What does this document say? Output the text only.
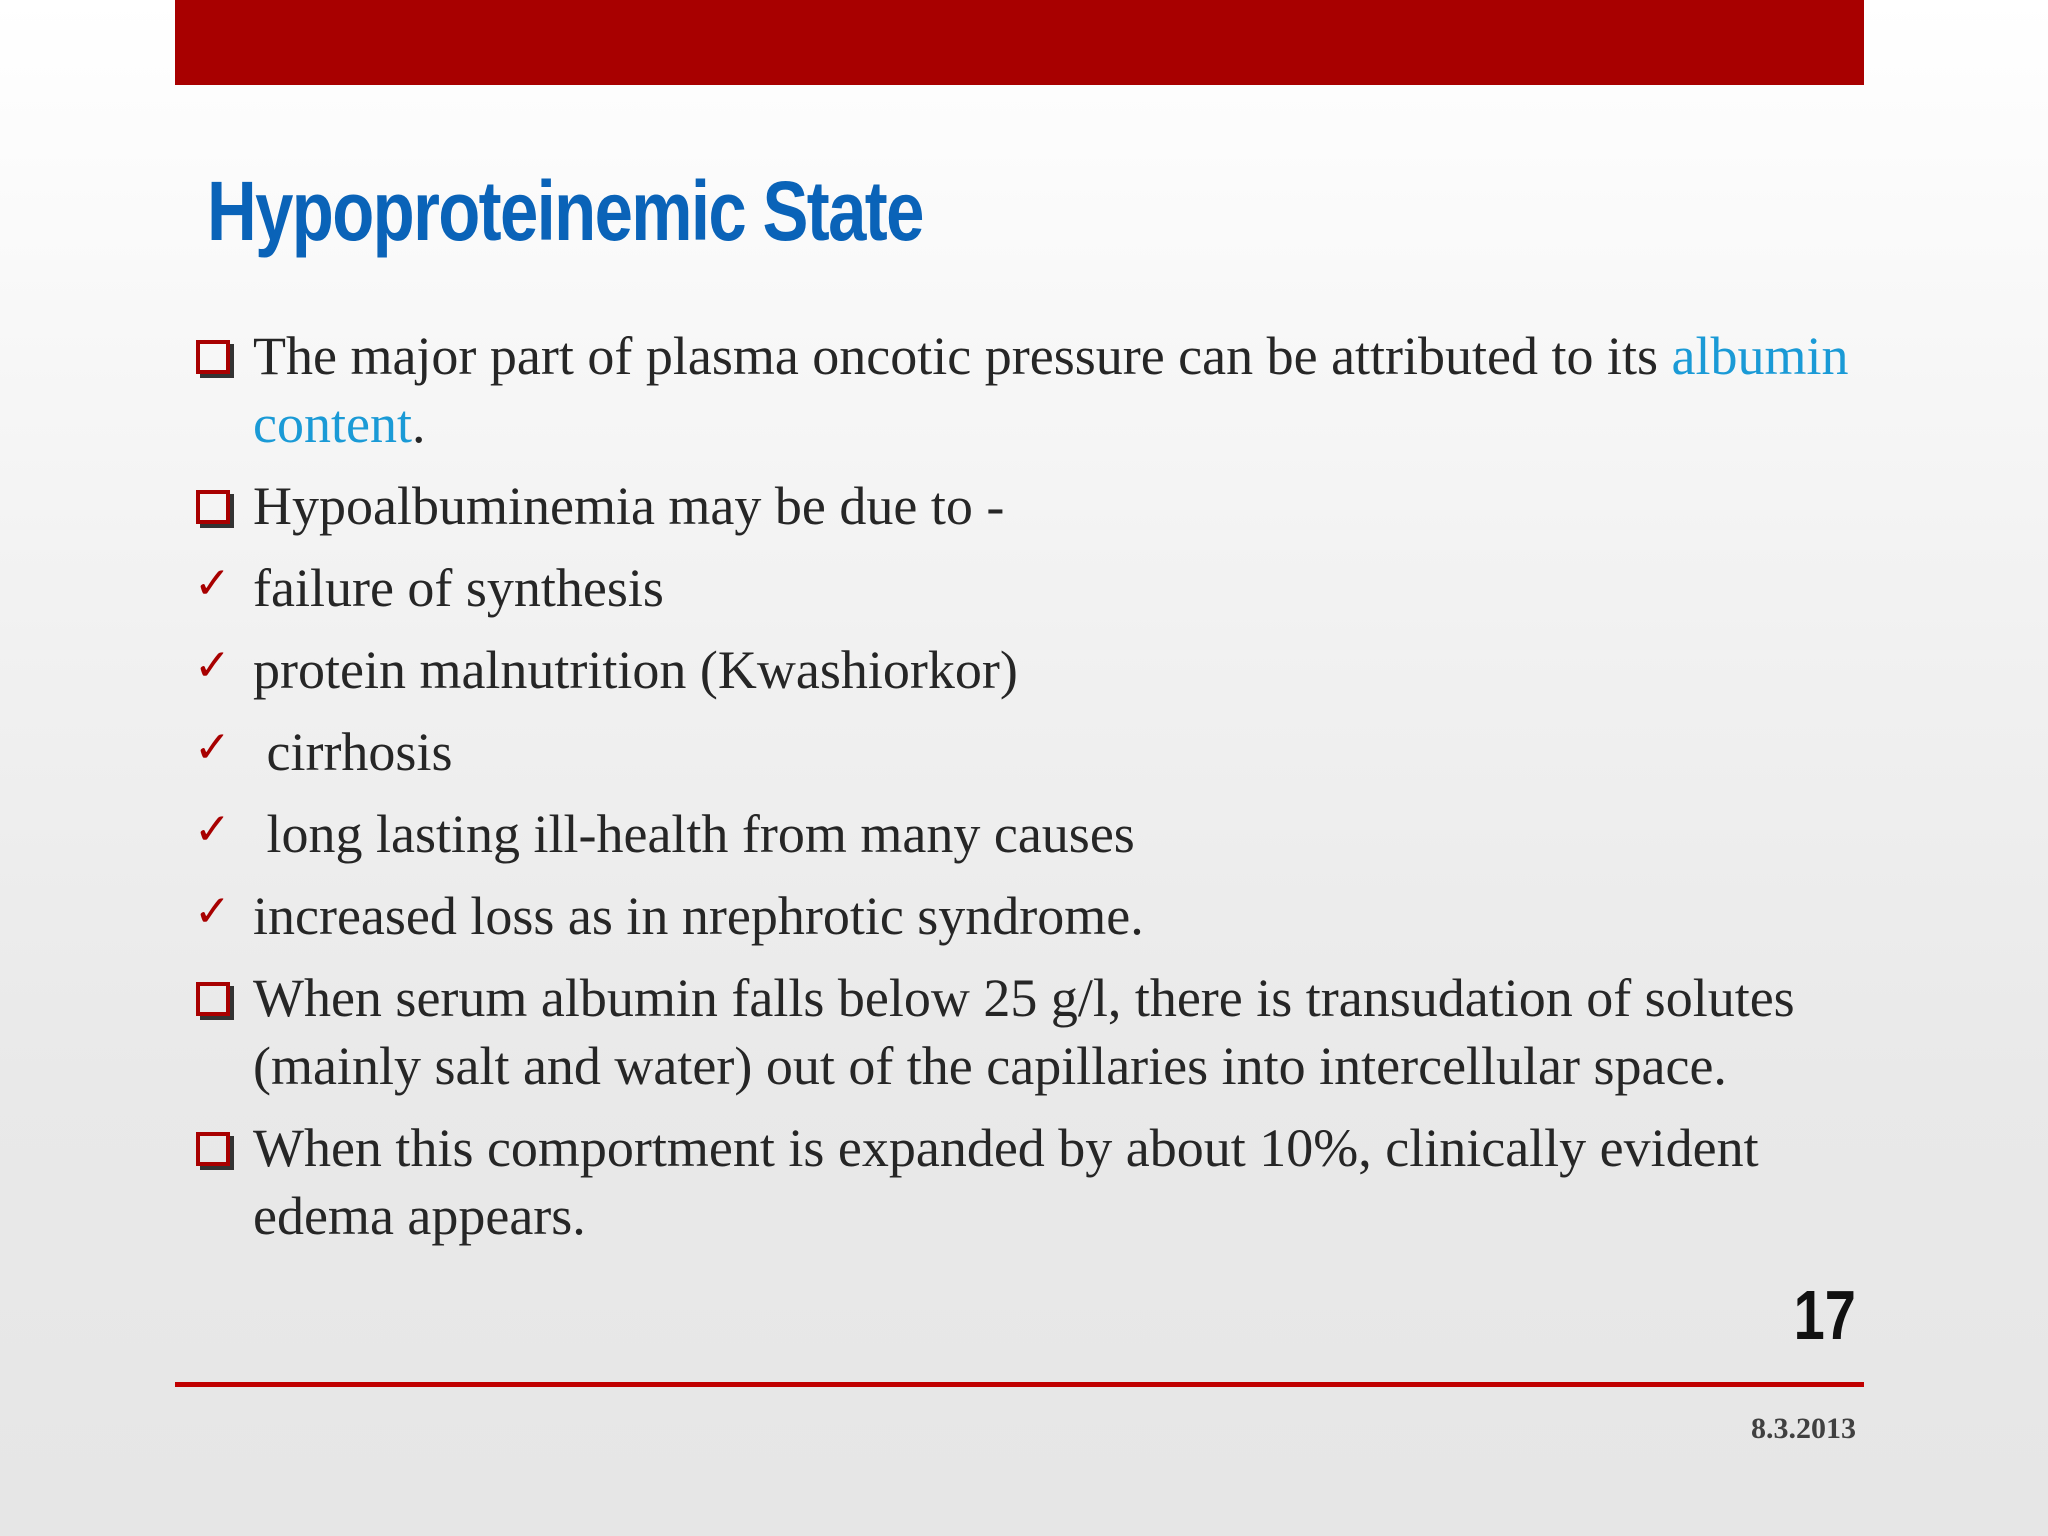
Hypoproteinemic State
The major part of plasma oncotic pressure can be attributed to its albumin content.
Hypoalbuminemia may be due to -
✓ failure of synthesis
✓ protein malnutrition (Kwashiorkor)
✓ cirrhosis
✓ long lasting ill-health from many causes
✓ increased loss as in nrephrotic syndrome.
When serum albumin falls below 25 g/l, there is transudation of solutes (mainly salt and water) out of the capillaries into intercellular space.
When this comportment is expanded by about 10%, clinically evident edema appears.
17
8.3.2013
